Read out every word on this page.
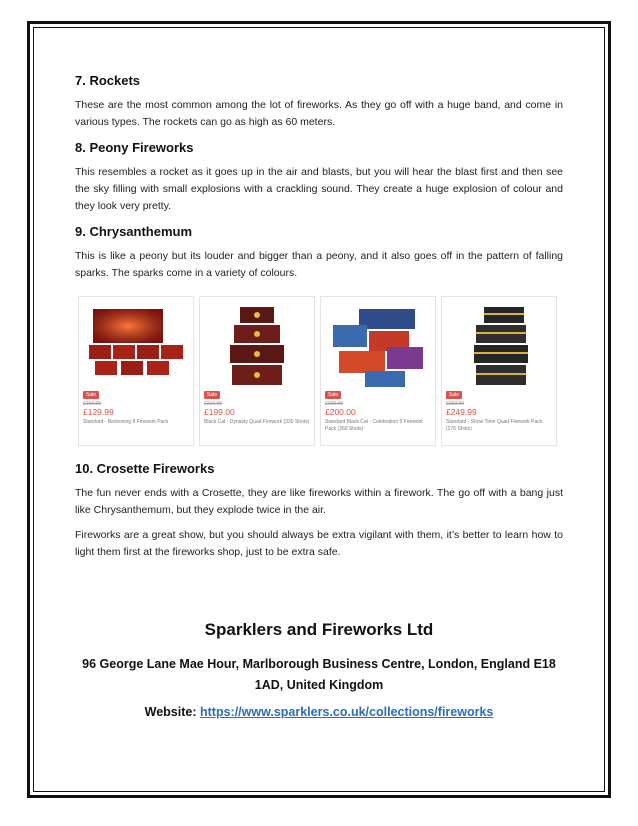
7. Rockets

These are the most common among the lot of fireworks. As they go off with a huge band, and come in various types. The rockets can go as high as 60 meters.

8. Peony Fireworks

This resembles a rocket as it goes up in the air and blasts, but you will hear the blast first and then see the sky filling with small explosions with a crackling sound. They create a huge explosion of colour and they look very pretty.

9. Chrysanthemum

This is like a peony but its louder and bigger than a peony, and it also goes off in the pattern of falling sparks. The sparks come in a variety of colours.

Sale
£169.99
£129.99
Standard - Beckoning 8 Firework Pack
Sale
£219.99
£199.00
Black Cat - Dynasty Quad Firework (330 Shots)
Sale
£239.99
£200.00
Standard Black Cat - Celebration 5 Firework Pack (360 Shots)
Sale
£299.99
£249.99
Standard - Show Time Quad Firework Pack (276 Shots)
10. Crosette Fireworks

The fun never ends with a Crosette, they are like fireworks within a firework. The go off with a bang just like Chrysanthemum, but they explode twice in the air.

Fireworks are a great show, but you should always be extra vigilant with them, it’s better to learn how to light them first at the fireworks shop, just to be extra safe.

Sparklers and Fireworks Ltd
96 George Lane Mae Hour, Marlborough Business Centre, London, England E18 1AD, United Kingdom
Website: https://www.sparklers.co.uk/collections/fireworks
